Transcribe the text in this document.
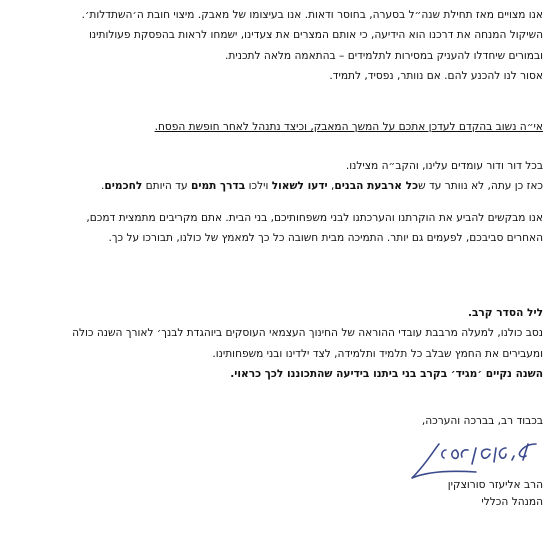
אנו מצויים מאז תחילת שנה״ל בסערה, בחוסר ודאות. אנו בעיצומו של מאבק. מיצוי חובת ה׳השתדלות׳.
השיקול המנחה את דרכנו הוא הידיעה, כי אותם המצרים את צעדינו, ישמחו לראות בהפסקת פעולותינו
ובמורים שיחדלו להעניק במסירות לתלמידים – בהתאמה מלאה לתכנית.
אסור לנו להכנע להם. אם נוותר, נפסיד, לתמיד.
אי״ה נשוב בהקדם לעדכן אתכם על המשך המאבק, וכיצד נתנהל לאחר חופשת הפסח.
בכל דור ודור עומדים עלינו, והקב״ה מצילנו.
כאז כן עתה, לא נוותר עד שכל ארבעת הבנים, ידעו לשאול וילכו בדרך תמים עד היותם לחכמים.
אנו מבקשים להביע את הוקרתנו והערכתנו לבני משפחותיכם, בני הבית. אתם מקריבים מתמצית דמכם,
האחרים סביבכם, לפעמים גם יותר. התמיכה מבית חשובה כל כך למאמץ של כולנו, תבורכו על כך.
ליל הסדר קרב.
נסב כולנו, למעלה מרבבת עובדי ההוראה של החינוך העצמאי העוסקים ביוהגדת לבנך׳ לאורך השנה כולה
ומעבירים את החמץ שבלב כל תלמיד ותלמידה, לצד ילדינו ובני משפחותינו.
השנה נקיים ׳מגיד׳ בקרב בני ביתנו בידיעה שהתכוננו לכך כראוי.
בכבוד רב, בברכה והערכה,
הרב אליעזר סורוצקין
המנהל הכללי
